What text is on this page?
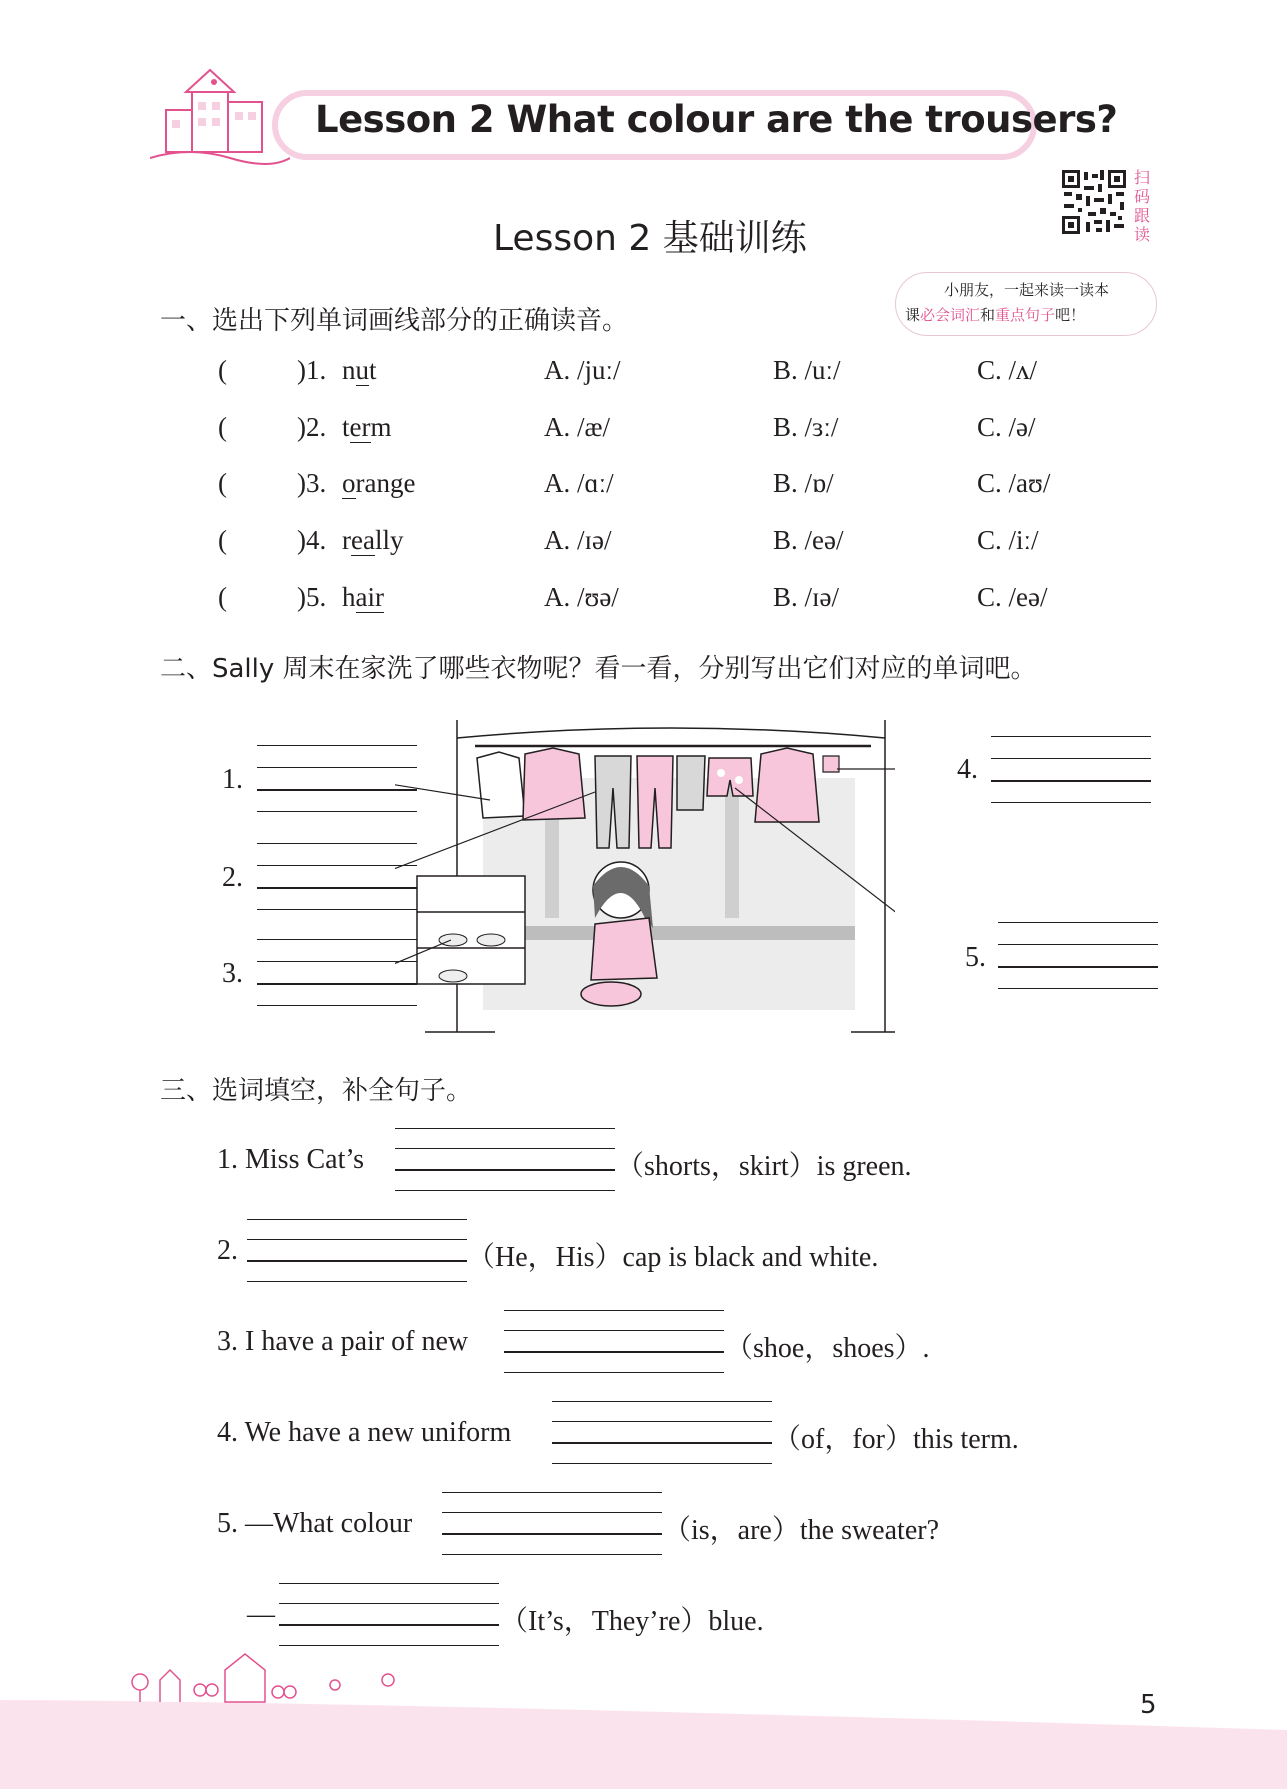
Lesson 2 What colour are the trousers?
Lesson 2 基础训练
扫
码
跟
读
小朋友，一起来读一读本
课必会词汇和重点句子吧！
一、选出下列单词画线部分的正确读音。
(	)1. nut	A. /juː/	B. /uː/	C. /ʌ/
(	)2. term	A. /æ/	B. /ɜː/	C. /ə/
(	)3. orange	A. /ɑː/	B. /ɒ/	C. /aʊ/
(	)4. really	A. /ɪə/	B. /eə/	C. /iː/
(	)5. hair	A. /ʊə/	B. /ɪə/	C. /eə/
二、Sally 周末在家洗了哪些衣物呢？看一看，分别写出它们对应的单词吧。
1.
2.
3.
4.
5.
三、选词填空，补全句子。
1. Miss Cat’s	（shorts，skirt）is green.
2.	（He，His）cap is black and white.
3. I have a pair of new	（shoe，shoes）.
4. We have a new uniform	（of，for）this term.
5. —What colour	（is，are）the sweater?
—	（It’s，They’re）blue.
5
